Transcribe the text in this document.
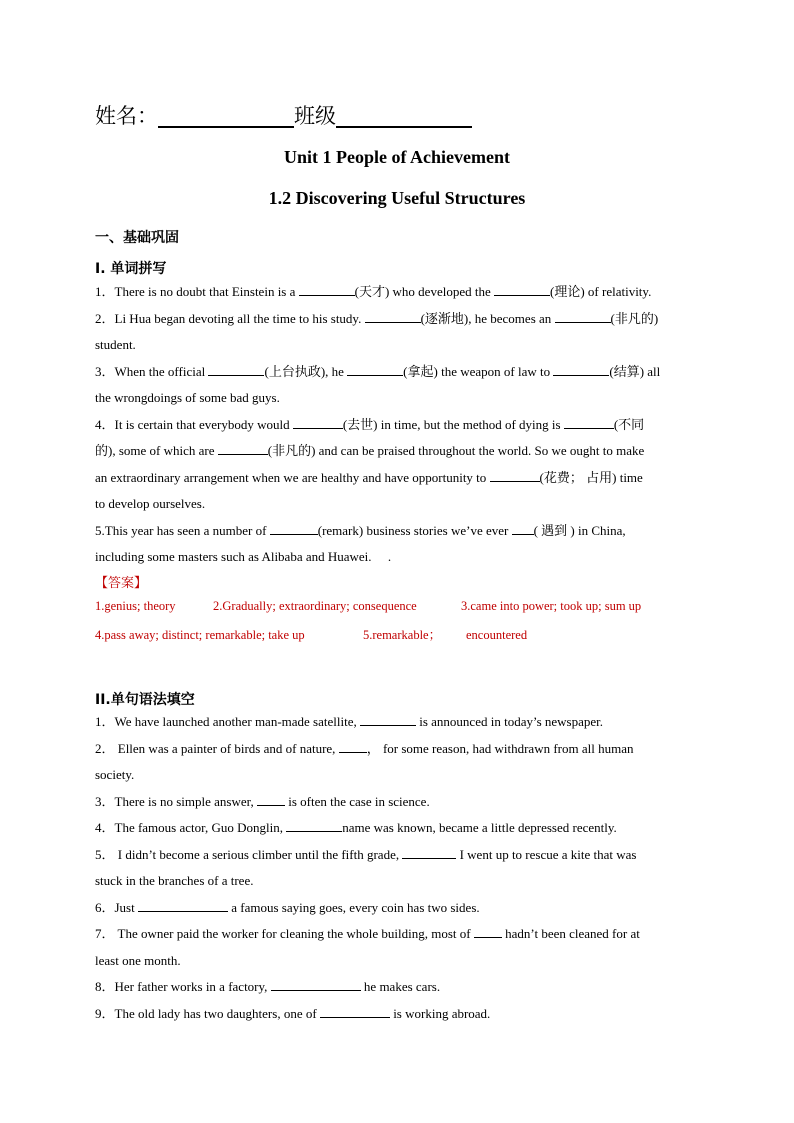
姓名：	班级
Unit 1 People of Achievement
1.2 Discovering Useful Structures
一、基础巩固
I. 单词拼写
1．There is no doubt that Einstein is a	(天才) who developed the	(理论) of relativity.
2．Li Hua began devoting all the time to his study.	(逐渐地), he becomes an	(非凡的)
student.
3．When the official	(上台执政), he	(拿起) the weapon of law to	(结算) all
the wrongdoings of some bad guys.
4．It is certain that everybody would	(去世) in time, but the method of dying is	(不同
的), some of which are	(非凡的) and can be praised throughout the world. So we ought to make
an extraordinary arrangement when we are healthy and have opportunity to	(花费； 占用) time
to develop ourselves.
5.This year has seen a number of	(remark) business stories we’ve ever ( 遇到 ) in China,
including some masters such as Alibaba and Huawei. .
【答案】
1.genius; theory	2.Gradually; extraordinary; consequence	3.came into power; took up; sum up
4.pass away; distinct; remarkable; take up	5.remarkable； encountered
II.单句语法填空
1．We have launched another man-made satellite,	is announced in today’s newspaper.
2． Ellen was a painter of birds and of nature, ， for some reason, had withdrawn from all human
society.
3．There is no simple answer,  is often the case in science.
4．The famous actor, Guo Donglin,	name was known, became a little depressed recently.
5． I didn’t become a serious climber until the fifth grade,	I went up to rescue a kite that was
stuck in the branches of a tree.
6．Just	a famous saying goes, every coin has two sides.
7． The owner paid the worker for cleaning the whole building, most of  hadn’t been cleaned for at
least one month.
8．Her father works in a factory,	he makes cars.
9．The old lady has two daughters, one of	is working abroad.
